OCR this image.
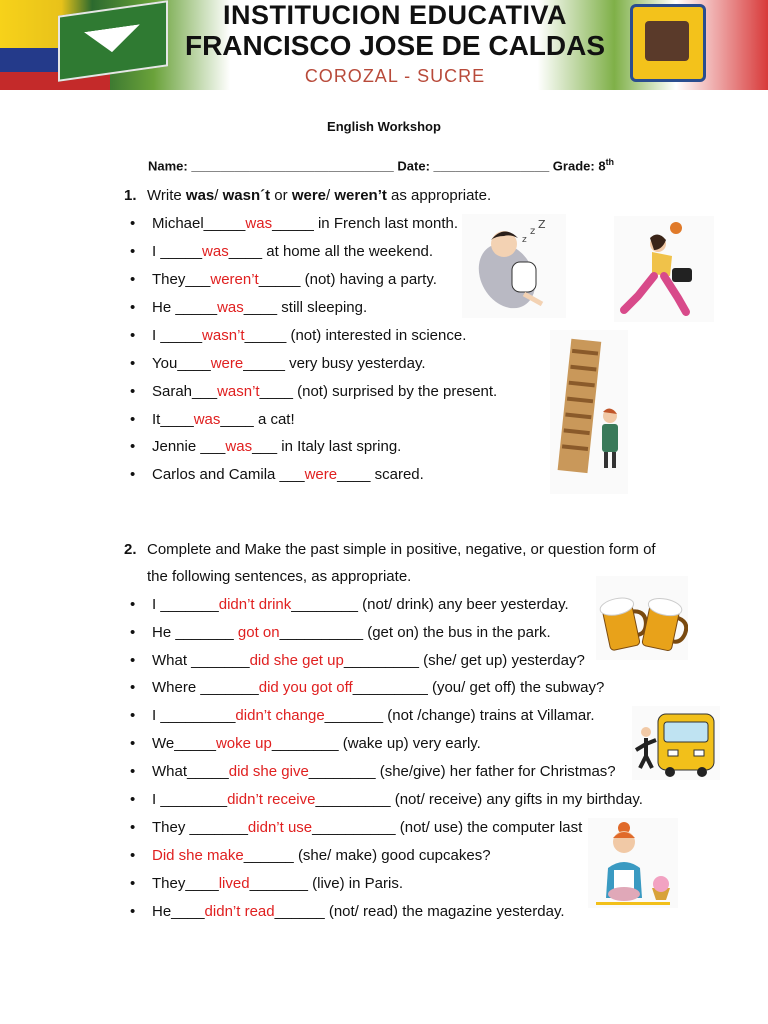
INSTITUCION EDUCATIVA
FRANCISCO JOSE DE CALDAS
COROZAL - SUCRE
English Workshop
Name: ____________________________ Date: ________________ Grade: 8th
1. Write was/ wasn´t or were/ weren’t as appropriate.
• Michael_____was_____ in French last month.
• I _____was____ at home all the weekend.
• They___weren’t_____ (not) having a party.
• He _____was____ still sleeping.
• I _____wasn’t_____ (not) interested in science.
• You____were_____ very busy yesterday.
• Sarah___wasn’t____ (not) surprised by the present.
• It____was____ a cat!
• Jennie ___was___ in Italy last spring.
• Carlos and Camila ___were____ scared.
z
z
Z
2. Complete and Make the past simple in positive, negative, or question form of
the following sentences, as appropriate.
• I _______didn’t drink________ (not/ drink) any beer yesterday.
• He _______ got on__________ (get on) the bus in the park.
• What _______did she get up_________ (she/ get up) yesterday?
• Where _______did you got off_________ (you/ get off) the subway?
• I _________didn’t change_______ (not /change) trains at Villamar.
• We_____woke up________ (wake up) very early.
• What_____did she give________ (she/give) her father for Christmas?
• I ________didn’t receive_________ (not/ receive) any gifts in my birthday.
• They _______didn’t use__________ (not/ use) the computer last
• Did she make______ (she/ make) good cupcakes?
• They____lived_______ (live) in Paris.
• He____didn’t read______ (not/ read) the magazine yesterday.
